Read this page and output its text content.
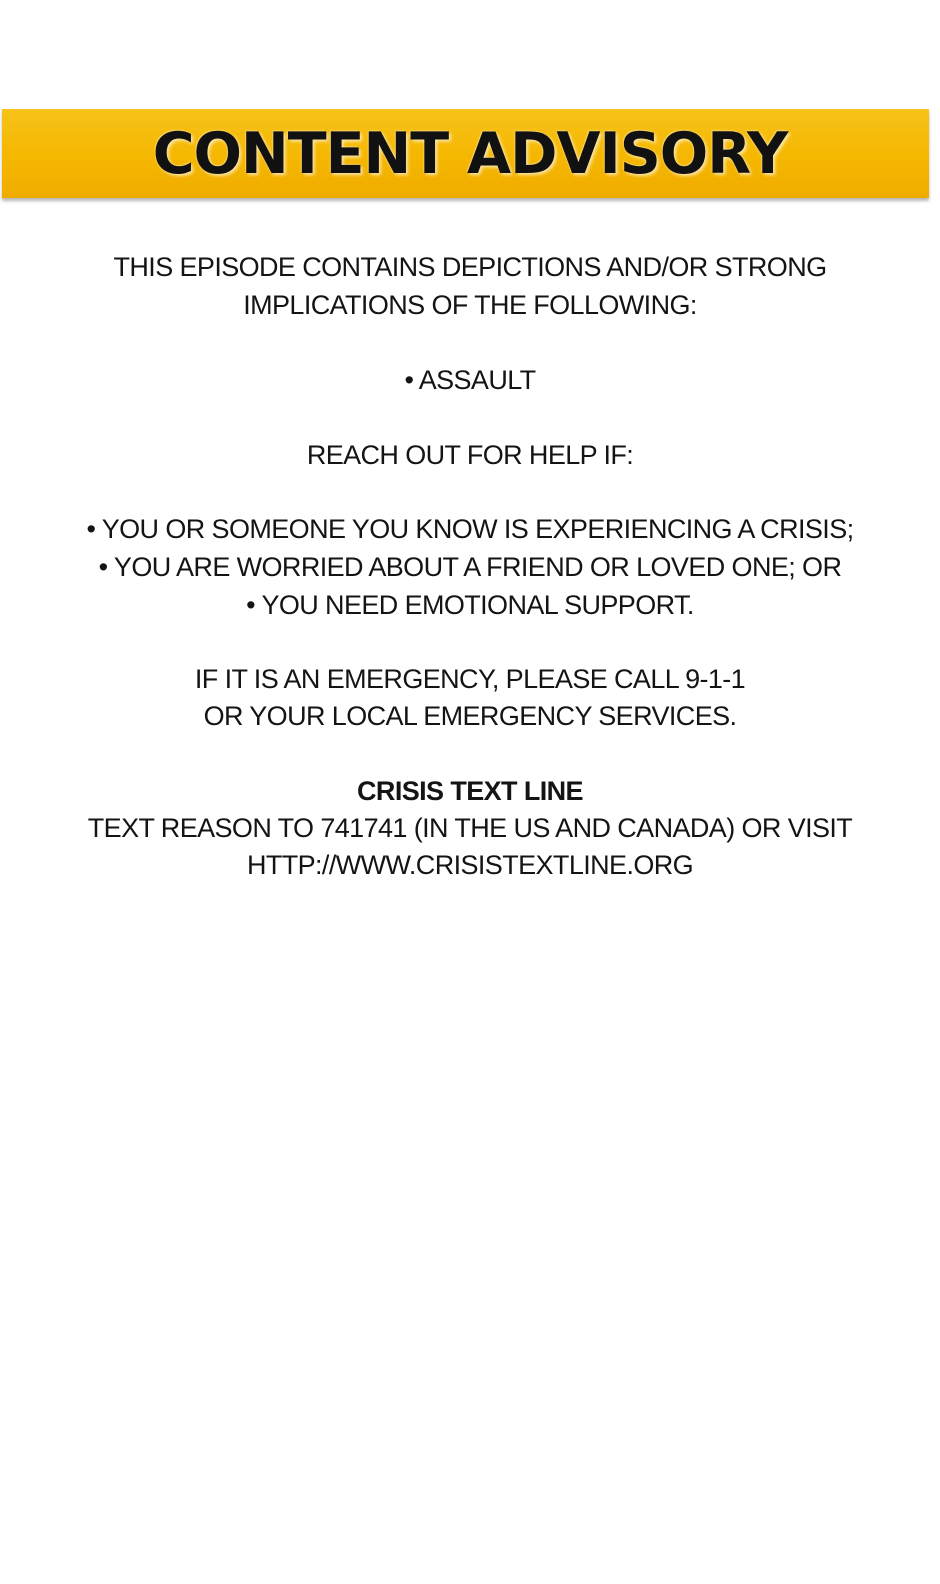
CONTENT ADVISORY

THIS EPISODE CONTAINS DEPICTIONS AND/OR STRONG

IMPLICATIONS OF THE FOLLOWING:

• ASSAULT

REACH OUT FOR HELP IF:

• YOU OR SOMEONE YOU KNOW IS EXPERIENCING A CRISIS;

• YOU ARE WORRIED ABOUT A FRIEND OR LOVED ONE; OR

• YOU NEED EMOTIONAL SUPPORT.

IF IT IS AN EMERGENCY, PLEASE CALL 9-1-1

OR YOUR LOCAL EMERGENCY SERVICES.

CRISIS TEXT LINE

TEXT REASON TO 741741 (IN THE US AND CANADA) OR VISIT

HTTP://WWW.CRISISTEXTLINE.ORG
